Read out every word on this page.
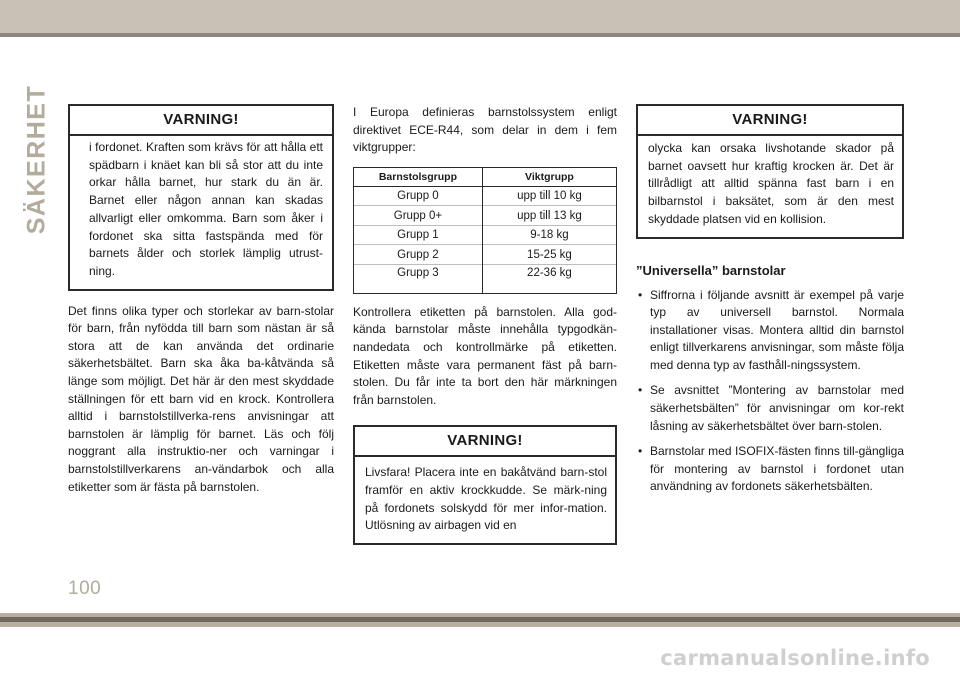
SÄKERHET	VARNING!
i fordonet. Kraften som krävs för att hålla ett spädbarn i knäet kan bli så stor att du inte orkar hålla barnet, hur stark du än är. Barnet eller någon annan kan skadas allvarligt eller omkomma. Barn som åker i fordonet ska sitta fastspända med för barnets ålder och storlek lämplig utrust-ning.

Det finns olika typer och storlekar av barn-stolar för barn, från nyfödda till barn som nästan är så stora att de kan använda det ordinarie säkerhetsbältet. Barn ska åka ba-kåtvända så länge som möjligt. Det här är den mest skyddade ställningen för ett barn vid en krock. Kontrollera alltid i barnstolstillverka-rens anvisningar att barnstolen är lämplig för barnet. Läs och följ noggrant alla instruktio-ner och varningar i barnstolstillverkarens an-vändarbok och alla etiketter som är fästa på barnstolen.

I Europa definieras barnstolssystem enligt direktivet ECE-R44, som delar in dem i fem viktgrupper:

Barnstolsgrupp	Viktgrupp
Grupp 0	upp till 10 kg
Grupp 0+	upp till 13 kg
Grupp 1	9-18 kg
Grupp 2	15-25 kg
Grupp 3	22-36 kg

Kontrollera etiketten på barnstolen. Alla god-kända barnstolar måste innehålla typgodkän-nandedata och kontrollmärke på etiketten. Etiketten måste vara permanent fäst på barn-stolen. Du får inte ta bort den här märkningen från barnstolen.

VARNING!
Livsfara! Placera inte en bakåtvänd barn-stol framför en aktiv krockkudde. Se märk-ning på fordonets solskydd för mer infor-mation. Utlösning av airbagen vid en
VARNING!
olycka kan orsaka livshotande skador på barnet oavsett hur kraftig krocken är. Det är tillrådligt att alltid spänna fast barn i en bilbarnstol i baksätet, som är den mest skyddade platsen vid en kollision.
”Universella” barnstolar
• Siffrorna i följande avsnitt är exempel på varje typ av universell barnstol. Normala installationer visas. Montera alltid din barnstol enligt tillverkarens anvisningar, som måste följa med denna typ av fasthåll-ningssystem.
• Se avsnittet ”Montering av barnstolar med säkerhetsbälten” för anvisningar om kor-rekt låsning av säkerhetsbältet över barn-stolen.
• Barnstolar med ISOFIX-fästen finns till-gängliga för montering av barnstol i fordonet utan användning av fordonets säkerhetsbälten.
100
carmanualsonline.info
